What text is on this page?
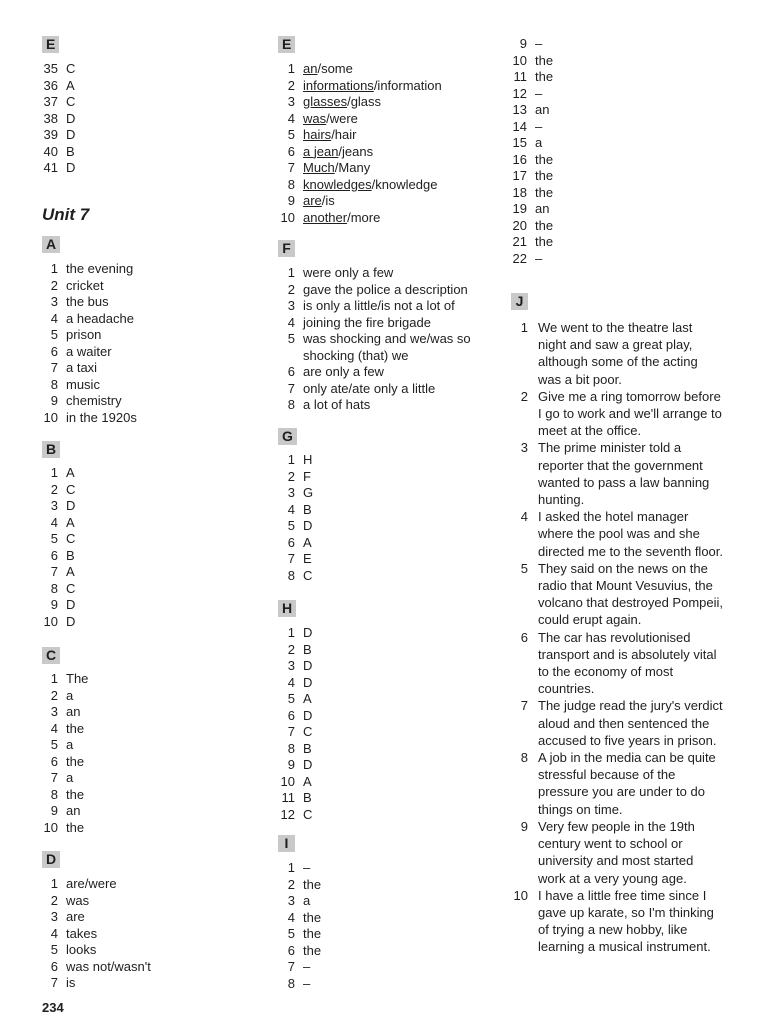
E
35 C
36 A
37 C
38 D
39 D
40 B
41 D
Unit 7
A
1 the evening
2 cricket
3 the bus
4 a headache
5 prison
6 a waiter
7 a taxi
8 music
9 chemistry
10 in the 1920s
B
1 A
2 C
3 D
4 A
5 C
6 B
7 A
8 C
9 D
10 D
C
1 The
2 a
3 an
4 the
5 a
6 the
7 a
8 the
9 an
10 the
D
1 are/were
2 was
3 are
4 takes
5 looks
6 was not/wasn't
7 is
E
1 an/some
2 informations/information
3 glasses/glass
4 was/were
5 hairs/hair
6 a jean/jeans
7 Much/Many
8 knowledges/knowledge
9 are/is
10 another/more
F
1 were only a few
2 gave the police a description
3 is only a little/is not a lot of
4 joining the fire brigade
5 was shocking and we/was so
shocking (that) we
6 are only a few
7 only ate/ate only a little
8 a lot of hats
G
1 H
2 F
3 G
4 B
5 D
6 A
7 E
8 C
H
1 D
2 B
3 D
4 D
5 A
6 D
7 C
8 B
9 D
10 A
11 B
12 C
I
1 –
2 the
3 a
4 the
5 the
6 the
7 –
8 –
9 –
10 the
11 the
12 –
13 an
14 –
15 a
16 the
17 the
18 the
19 an
20 the
21 the
22 –
J
1 We went to the theatre last night and saw a great play, although some of the acting was a bit poor.
2 Give me a ring tomorrow before I go to work and we'll arrange to meet at the office.
3 The prime minister told a reporter that the government wanted to pass a law banning hunting.
4 I asked the hotel manager where the pool was and she directed me to the seventh floor.
5 They said on the news on the radio that Mount Vesuvius, the volcano that destroyed Pompeii, could erupt again.
6 The car has revolutionised transport and is absolutely vital to the economy of most countries.
7 The judge read the jury's verdict aloud and then sentenced the accused to five years in prison.
8 A job in the media can be quite stressful because of the pressure you are under to do things on time.
9 Very few people in the 19th century went to school or university and most started work at a very young age.
10 I have a little free time since I gave up karate, so I'm thinking of trying a new hobby, like learning a musical instrument.
234
